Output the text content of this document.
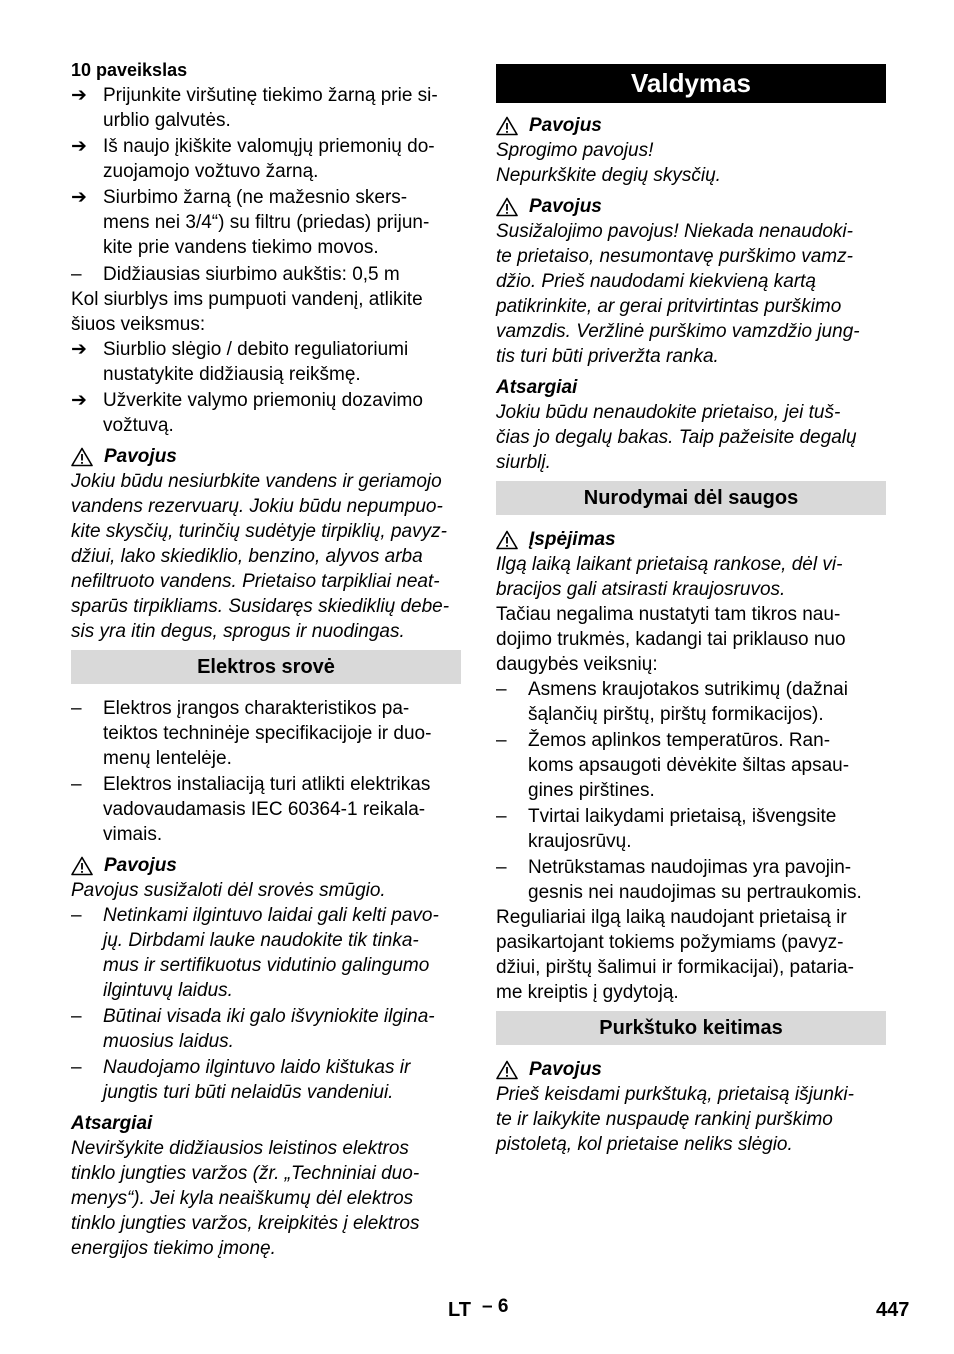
10 paveikslas
➔ Prijunkite viršutinę tiekimo žarną prie si-
urblio galvutės.
➔ Iš naujo įkiškite valomųjų priemonių do-
zuojamojo vožtuvo žarną.
➔ Siurbimo žarną (ne mažesnio skers-
mens nei 3/4“) su filtru (priedas) prijun-
kite prie vandens tiekimo movos.
–	Didžiausias siurbimo aukštis: 0,5 m
Kol siurblys ims pumpuoti vandenį, atlikite
šiuos veiksmus:
➔ Siurblio slėgio / debito reguliatoriumi
nustatykite didžiausią reikšmę.
➔ Užverkite valymo priemonių dozavimo
vožtuvą.
Pavojus
Jokiu būdu nesiurbkite vandens ir geriamojo
vandens rezervuarų. Jokiu būdu nepumpuo-
kite skysčių, turinčių sudėtyje tirpiklių, pavyz-
džiui, lako skiediklio, benzino, alyvos arba
nefiltruoto vandens. Prietaiso tarpikliai neat-
sparūs tirpikliams. Susidaręs skiediklių debe-
sis yra itin degus, sprogus ir nuodingas.
Elektros srovė
–	Elektros įrangos charakteristikos pa-
teiktos techninėje specifikacijoje ir duo-
menų lentelėje.
–	Elektros instaliaciją turi atlikti elektrikas
vadovaudamasis IEC 60364-1 reikala-
vimais.
Pavojus
Pavojus susižaloti dėl srovės smūgio.
–	Netinkami ilgintuvo laidai gali kelti pavo-
jų. Dirbdami lauke naudokite tik tinka-
mus ir sertifikuotus vidutinio galingumo
ilgintuvų laidus.
–	Būtinai visada iki galo išvyniokite ilgina-
muosius laidus.
–	Naudojamo ilgintuvo laido kištukas ir
jungtis turi būti nelaidūs vandeniui.
Atsargiai
Neviršykite didžiausios leistinos elektros
tinklo jungties varžos (žr. „Techniniai duo-
menys“). Jei kyla neaiškumų dėl elektros
tinklo jungties varžos, kreipkitės į elektros
energijos tiekimo įmonę.
Valdymas
Pavojus
Sprogimo pavojus!
Nepurkškite degių skysčių.
Pavojus
Susižalojimo pavojus! Niekada nenaudoki-
te prietaiso, nesumontavę purškimo vamz-
džio. Prieš naudodami kiekvieną kartą
patikrinkite, ar gerai pritvirtintas purškimo
vamzdis. Veržlinė purškimo vamzdžio jung-
tis turi būti priveržta ranka.
Atsargiai
Jokiu būdu nenaudokite prietaiso, jei tuš-
čias jo degalų bakas. Taip pažeisite degalų
siurblį.
Nurodymai dėl saugos
Įspėjimas
Ilgą laiką laikant prietaisą rankose, dėl vi-
bracijos gali atsirasti kraujosruvos.
Tačiau negalima nustatyti tam tikros nau-
dojimo trukmės, kadangi tai priklauso nuo
daugybės veiksnių:
–	Asmens kraujotakos sutrikimų (dažnai
šąlančių pirštų, pirštų formikacijos).
–	Žemos aplinkos temperatūros. Ran-
koms apsaugoti dėvėkite šiltas apsau-
gines pirštines.
–	Tvirtai laikydami prietaisą, išvengsite
kraujosrūvų.
–	Netrūkstamas naudojimas yra pavojin-
gesnis nei naudojimas su pertraukomis.
Reguliariai ilgą laiką naudojant prietaisą ir
pasikartojant tokiems požymiams (pavyz-
džiui, pirštų šalimui ir formikacijai), pataria-
me kreiptis į gydytoją.
Purkštuko keitimas
Pavojus
Prieš keisdami purkštuką, prietaisą išjunki-
te ir laikykite nuspaudę rankinį purškimo
pistoletą, kol prietaise neliks slėgio.
LT – 6	447
